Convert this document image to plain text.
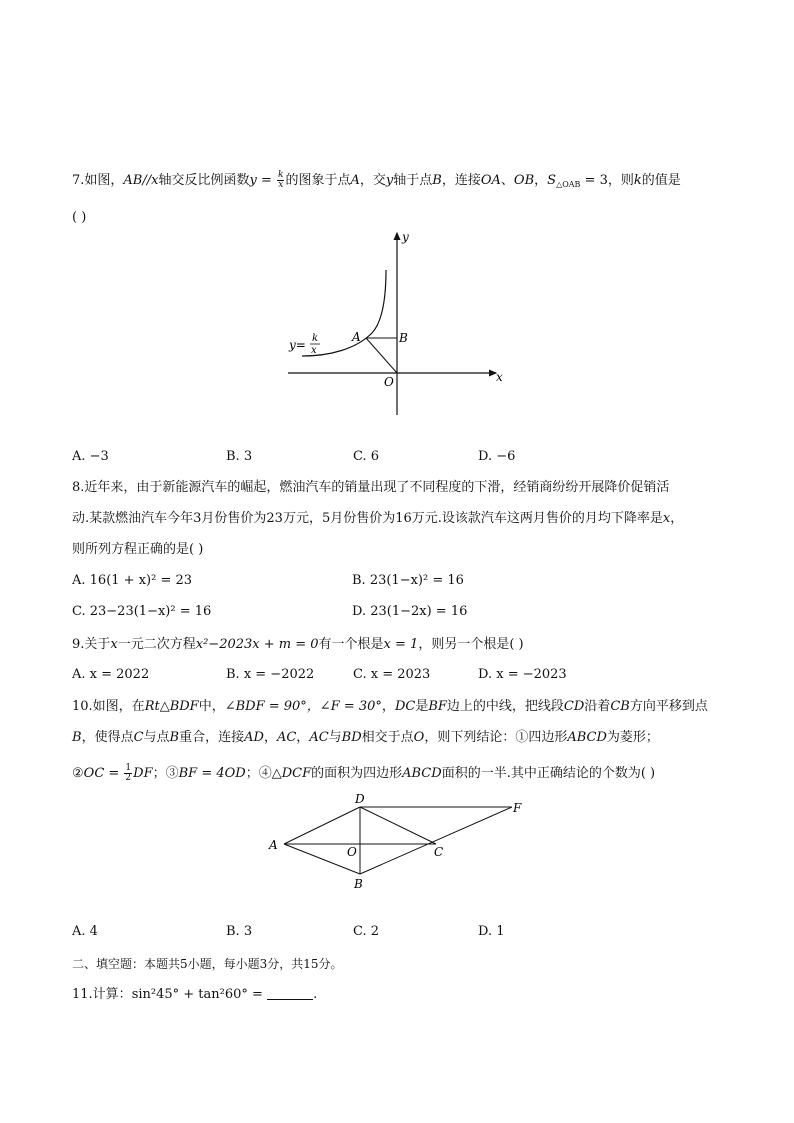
7.如图，AB//x轴交反比例函数$y = \frac{k}{x}$ 的图象于点A，交y轴于点B，连接OA、OB，$S_{\triangle OAB} = 3$，则k的值是
( )
y
x
A	B
O
y= k
x
A. −3	B. 3	C. 6	D. −6
8.近年来，由于新能源汽车的崛起，燃油汽车的销量出现了不同程度的下滑，经销商纷纷开展降价促销活
动.某款燃油汽车今年3月份售价为23万元，5月份售价为16万元.设该款汽车这两月售价的月均下降率是x，
则所列方程正确的是( )
A. 16(1 + x)² = 23	B. 23(1−x)² = 16
C. 23−23(1−x)² = 16	D. 23(1−2x) = 16
9.关于x一元二次方程x²−2023x + m = 0有一个根是x = 1，则另一个根是( )
A. x = 2022	B. x = −2022	C. x = 2023	D. x = −2023
10.如图，在Rt△BDF中，∠BDF = 90°，∠F = 30°，DC是BF边上的中线，把线段CD沿着CB方向平移到点
B，使得点C与点B重合，连接AD，AC，AC与BD相交于点O，则下列结论：①四边形ABCD为菱形；
②OC = $\frac{1}{2}$ DF；③BF = 4OD；④△DCF的面积为四边形ABCD面积的一半.其中正确结论的个数为( )
A
D
F
O	C
B
A. 4	B. 3	C. 2	D. 1
二、填空题：本题共5小题，每小题3分，共15分。
11.计算：sin²45° + tan²60° =	.
